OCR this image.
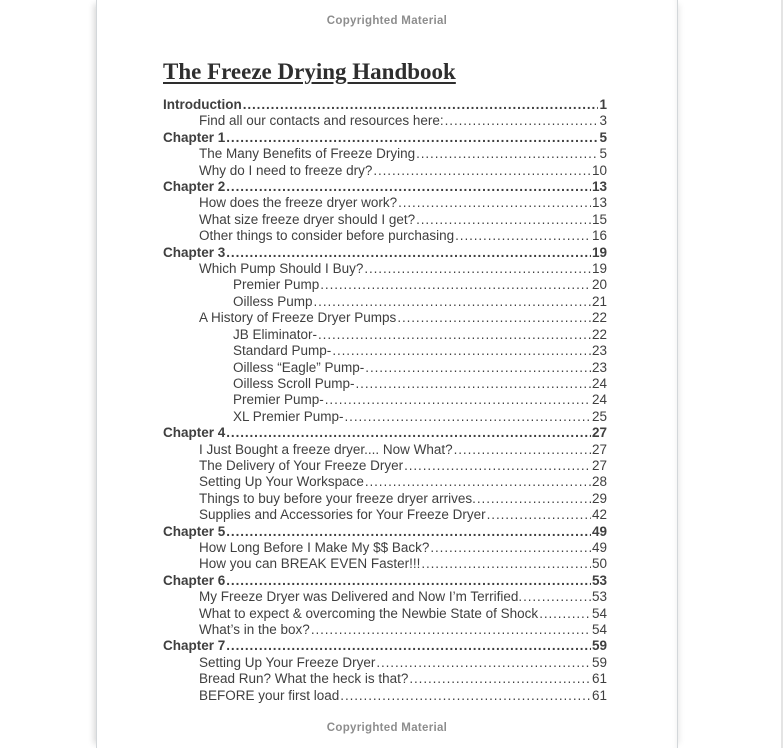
Copyrighted Material
The Freeze Drying Handbook
Introduction .....	1
Find all our contacts and resources here: .....	3
Chapter 1 .....	5
The Many Benefits of Freeze Drying .....	5
Why do I need to freeze dry? .....	10
Chapter 2 .....	13
How does the freeze dryer work? .....	13
What size freeze dryer should I get? .....	15
Other things to consider before purchasing .....	16
Chapter 3 .....	19
Which Pump Should I Buy? .....	19
Premier Pump .....	20
Oilless Pump .....	21
A History of Freeze Dryer Pumps .....	22
JB Eliminator- .....	22
Standard Pump- .....	23
Oilless “Eagle” Pump- .....	23
Oilless Scroll Pump- .....	24
Premier Pump- .....	24
XL Premier Pump- .....	25
Chapter 4 .....	27
I Just Bought a freeze dryer.... Now What? .....	27
The Delivery of Your Freeze Dryer .....	27
Setting Up Your Workspace .....	28
Things to buy before your freeze dryer arrives. .....	29
Supplies and Accessories for Your Freeze Dryer .....	42
Chapter 5 .....	49
How Long Before I Make My $$ Back? .....	49
How you can BREAK EVEN Faster!!! .....	50
Chapter 6 .....	53
My Freeze Dryer was Delivered and Now I’m Terrified. .....	53
What to expect & overcoming the Newbie State of Shock .....	54
What’s in the box? .....	54
Chapter 7 .....	59
Setting Up Your Freeze Dryer .....	59
Bread Run? What the heck is that? .....	61
BEFORE your first load .....	61
Copyrighted Material
